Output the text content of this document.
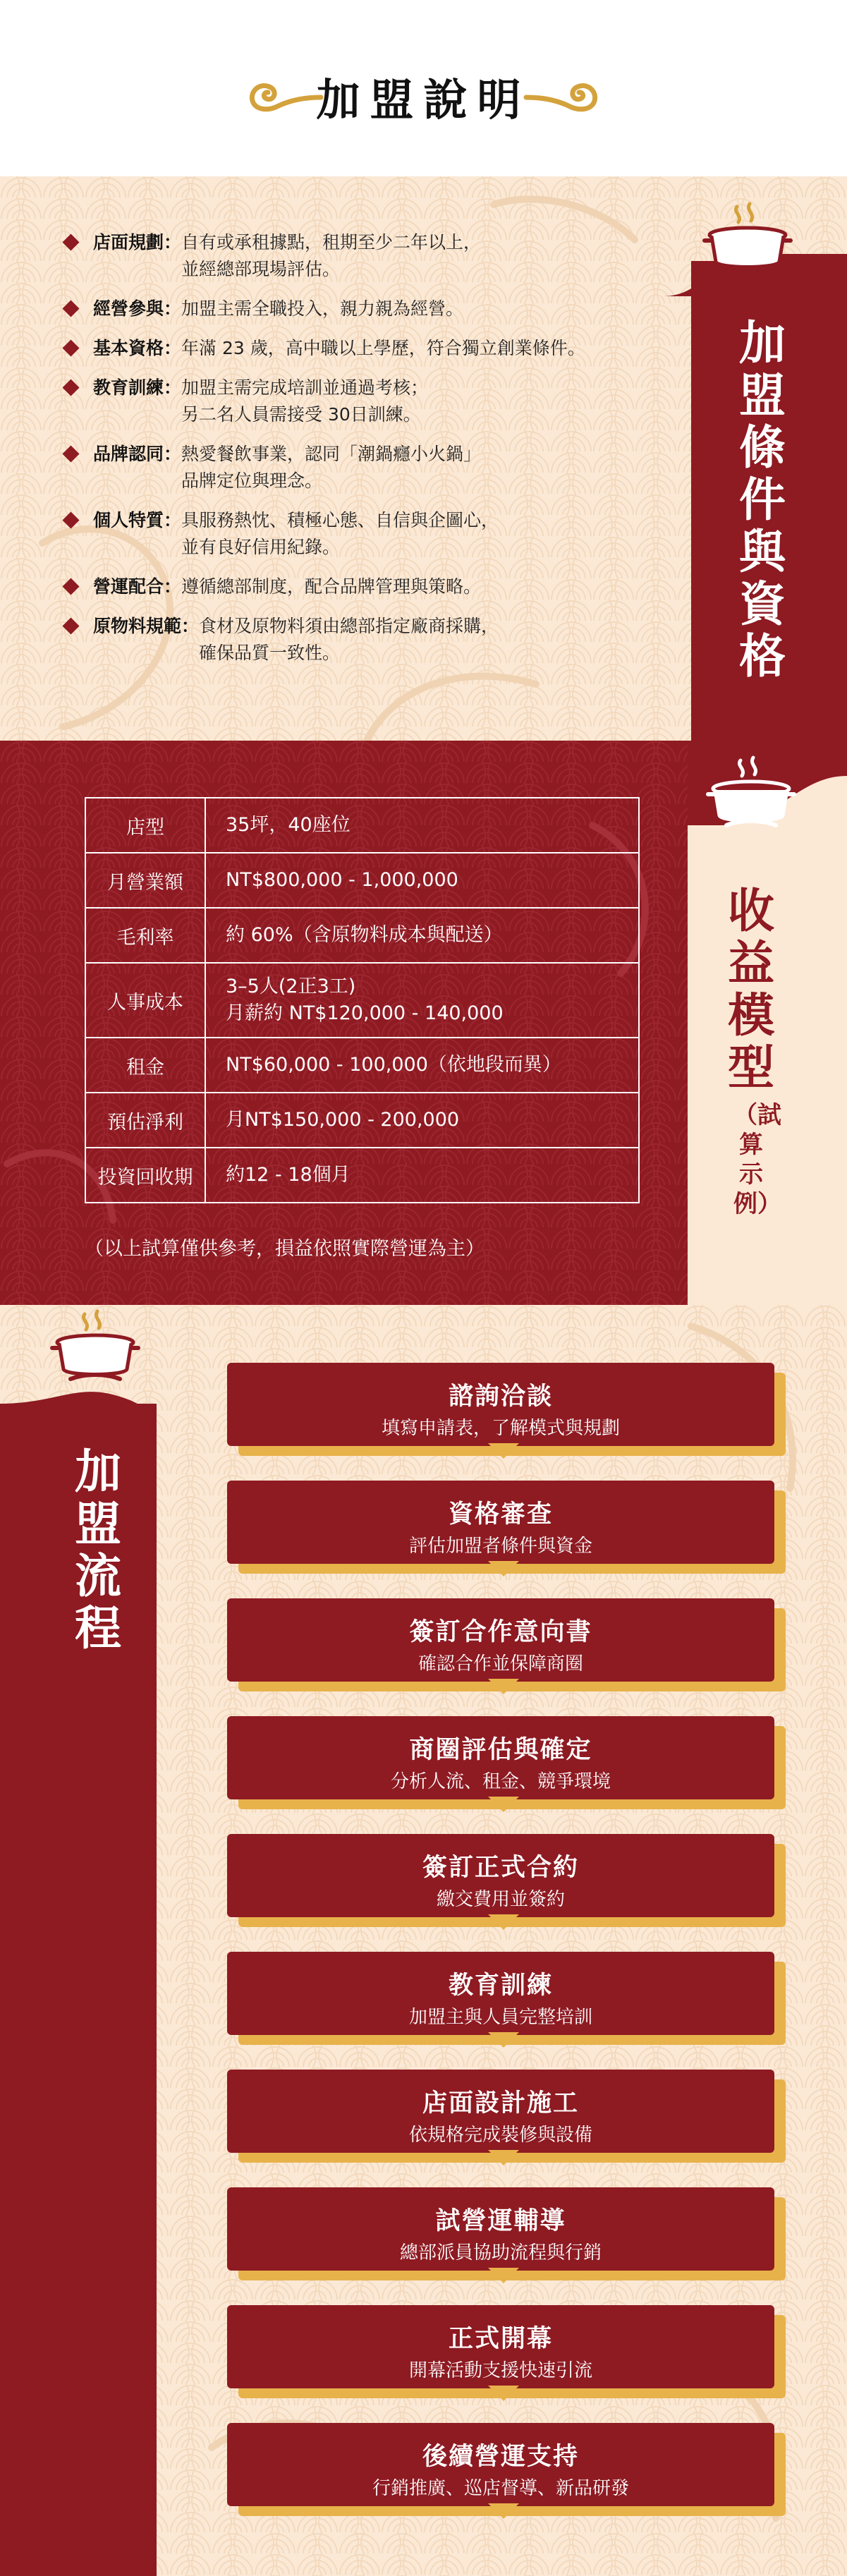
加盟說明
加盟條件與資格
店面規劃：自有或承租據點，租期至少二年以上，
並經總部現場評估。
經營參與：加盟主需全職投入，親力親為經營。
基本資格：年滿 23 歲，高中職以上學歷，符合獨立創業條件。
教育訓練：加盟主需完成培訓並通過考核；
另二名人員需接受 30日訓練。
品牌認同：熱愛餐飲事業，認同「潮鍋癮小火鍋」
品牌定位與理念。
個人特質：具服務熱忱、積極心態、自信與企圖心，
並有良好信用紀錄。
營運配合：遵循總部制度，配合品牌管理與策略。
原物料規範：食材及原物料須由總部指定廠商採購，
確保品質一致性。
收益模型
（試算示例）
店型	35坪，40座位
月營業額	NT$800,000 - 1,000,000
毛利率	約 60%（含原物料成本與配送）
人事成本	3–5人(2正3工)
月薪約 NT$120,000 - 140,000
租金	NT$60,000 - 100,000（依地段而異）
預估淨利	月NT$150,000 - 200,000
投資回收期	約12 - 18個月
（以上試算僅供參考，損益依照實際營運為主）
加盟流程
諮詢洽談
填寫申請表，了解模式與規劃
資格審查
評估加盟者條件與資金
簽訂合作意向書
確認合作並保障商圈
商圈評估與確定
分析人流、租金、競爭環境
簽訂正式合約
繳交費用並簽約
教育訓練
加盟主與人員完整培訓
店面設計施工
依規格完成裝修與設備
試營運輔導
總部派員協助流程與行銷
正式開幕
開幕活動支援快速引流
後續營運支持
行銷推廣、巡店督導、新品研發
